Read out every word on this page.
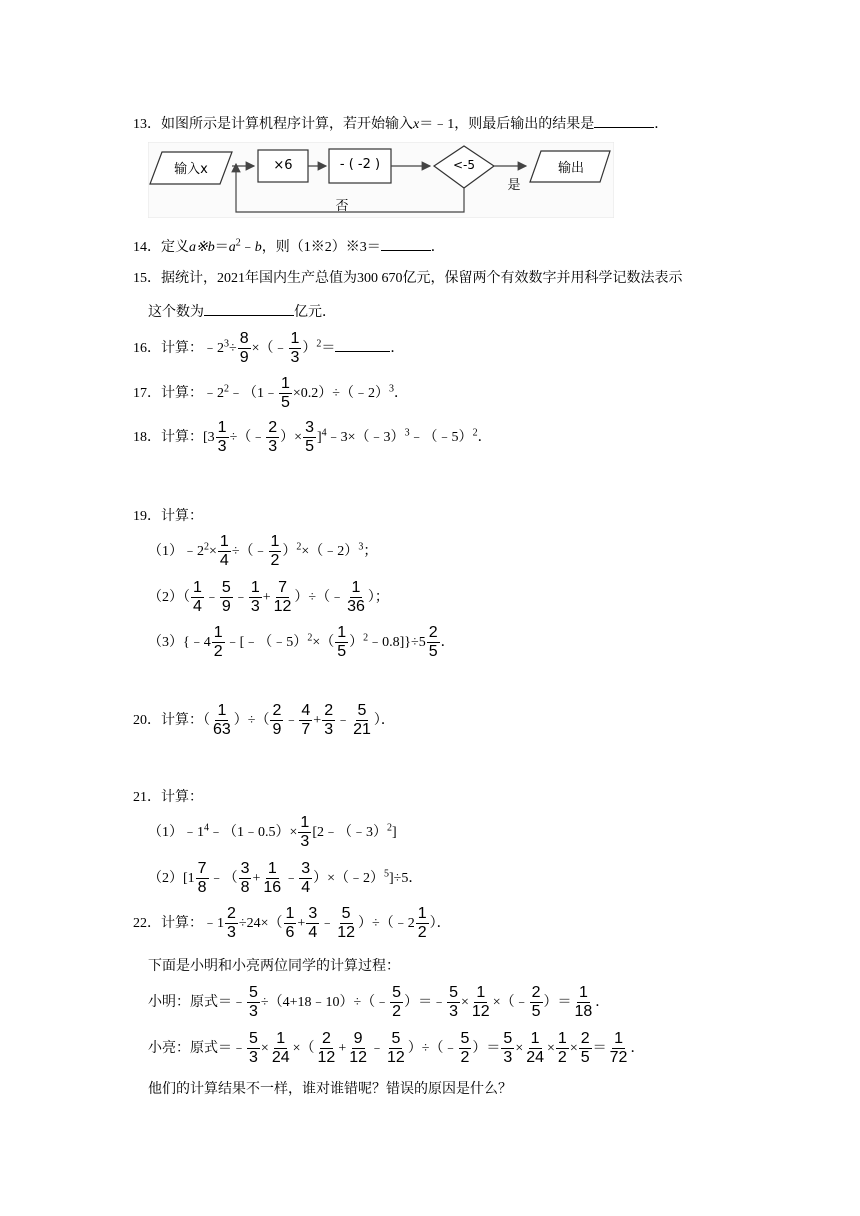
13．如图所示是计算机程序计算，若开始输入x＝﹣1，则最后输出的结果是	．
输入x	×6	- ( -2 )	<-5
是
输出
否
14．定义$a※b=a^2﹣b$，则（1※2）※3＝	．
15．据统计，2021年国内生产总值为300 670亿元，保留两个有效数字并用科学记数法表示
这个数为	亿元．
16．计算：$﹣2^3\div \frac{8}{9}$ ×（﹣ $\frac{1}{3} )^2=$	．
17．计算：$﹣2^2﹣(1﹣ \frac{1}{5}$ ×0.2）÷（﹣2）$^3$．
18．计算：[$3 \frac{1}{3}$ ÷（﹣ $\frac{2}{3}$ ）× $\frac{3}{5}$ ]$^4$﹣3×（﹣3）$^3$﹣（﹣5）$^2$．
19．计算：
$(1)﹣2^2\times \frac{1}{4}$ ÷（﹣ $\frac{1}{2}$ ）$^2$×（﹣2）$^3$；
$(2)( \frac{1}{4}$ ﹣ $\frac{5}{9}$ ﹣ $\frac{1}{3} + \frac{7}{12}$ ）÷（﹣ $\frac{1}{36}$ ）；
（3）{﹣4 $\frac{1}{2}$ ﹣[﹣（﹣5）$^2$×（ $\frac{1}{5}$ ）$^2$﹣0.8]}÷5 $\frac{2}{5}$ ．
20．计算：（ $\frac{1}{63}$ ）÷（ $\frac{2}{9}$ ﹣ $\frac{4}{7} + \frac{2}{3}$ ﹣ $\frac{5}{21}$ ）．
21．计算：
$(1)﹣1^4﹣(1﹣0.5)\times \frac{1}{3}$ [2﹣（﹣3）$^2$]
$(2)[1 \frac{7}{8}$ ﹣（ $\frac{3}{8} + \frac{1}{16}$ ﹣ $\frac{3}{4}$ ）×（﹣2）$^5$]÷5．
22．计算：﹣1 $\frac{2}{3} \div 24\times( \frac{1}{6} + \frac{3}{4}$ ﹣ $\frac{5}{12}$ ）÷（﹣2 $\frac{1}{2}$ ）．
下面是小明和小亮两位同学的计算过程：
小明：原式＝﹣ $\frac{5}{3}$ ÷（4+18﹣10）÷（﹣ $\frac{5}{2}$ ）＝﹣ $\frac{5}{3} \times \frac{1}{12}$ ×（﹣ $\frac{2}{5}$ ）＝ $\frac{1}{18}$ ．
小亮：原式＝﹣ $\frac{5}{3} \times \frac{1}{24}$ ×（ $\frac{2}{12} + \frac{9}{12}$ ﹣ $\frac{5}{12}$ ）÷（﹣ $\frac{5}{2}$ ）＝ $\frac{5}{3} \times \frac{1}{24} \times \frac{1}{2} \times \frac{2}{5} = \frac{1}{72}$ ．
他们的计算结果不一样，谁对谁错呢？错误的原因是什么？
